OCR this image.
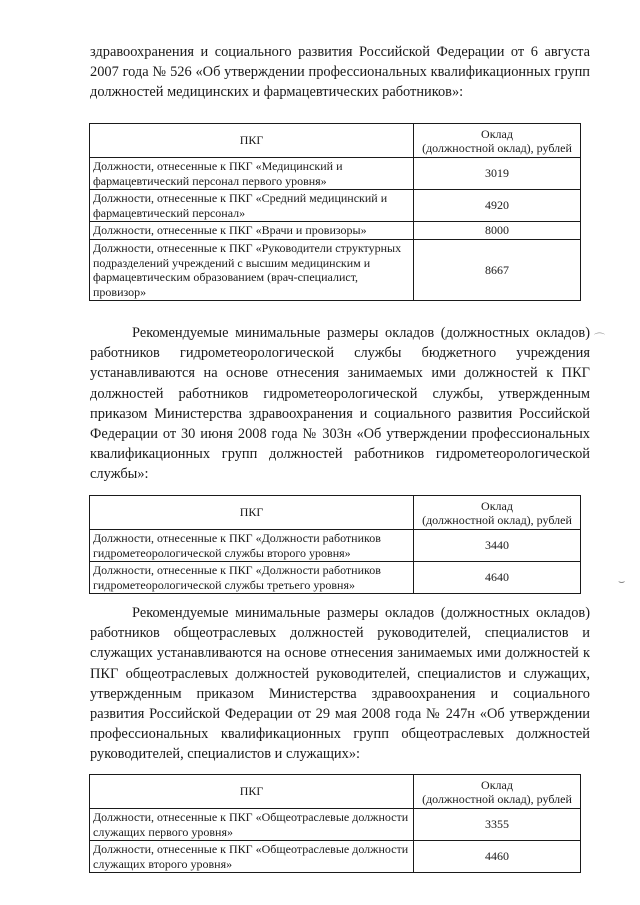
здравоохранения и социального развития Российской Федерации от 6 августа 2007 года № 526 «Об утверждении профессиональных квалификационных групп должностей медицинских и фармацевтических работников»:
ПКГ	Оклад
(должностной оклад), рублей
Должности, отнесенные к ПКГ «Медицинский и фармацевтический персонал первого уровня»	3019
Должности, отнесенные к ПКГ «Средний медицинский и фармацевтический персонал»	4920
Должности, отнесенные к ПКГ «Врачи и провизоры»	8000
Должности, отнесенные к ПКГ «Руководители структурных подразделений учреждений с высшим медицинским и фармацевтическим образованием (врач-специалист, провизор»	8667
Рекомендуемые минимальные размеры окладов (должностных окладов) работников гидрометеорологической службы бюджетного учреждения устанавливаются на основе отнесения занимаемых ими должностей к ПКГ должностей работников гидрометеорологической службы, утвержденным приказом Министерства здравоохранения и социального развития Российской Федерации от 30 июня 2008 года № 303н «Об утверждении профессиональных квалификационных групп должностей работников гидрометеорологической службы»:
ПКГ	Оклад
(должностной оклад), рублей
Должности, отнесенные к ПКГ «Должности работников гидрометеорологической службы второго уровня»	3440
Должности, отнесенные к ПКГ «Должности работников гидрометеорологической службы третьего уровня»	4640
Рекомендуемые минимальные размеры окладов (должностных окладов) работников общеотраслевых должностей руководителей, специалистов и служащих устанавливаются на основе отнесения занимаемых ими должностей к ПКГ общеотраслевых должностей руководителей, специалистов и служащих, утвержденным приказом Министерства здравоохранения и социального развития Российской Федерации от 29 мая 2008 года № 247н «Об утверждении профессиональных квалификационных групп общеотраслевых должностей руководителей, специалистов и служащих»:
ПКГ	Оклад
(должностной оклад), рублей
Должности, отнесенные к ПКГ «Общеотраслевые должности служащих первого уровня»	3355
Должности, отнесенные к ПКГ «Общеотраслевые должности служащих второго уровня»	4460
⌒
⌣
